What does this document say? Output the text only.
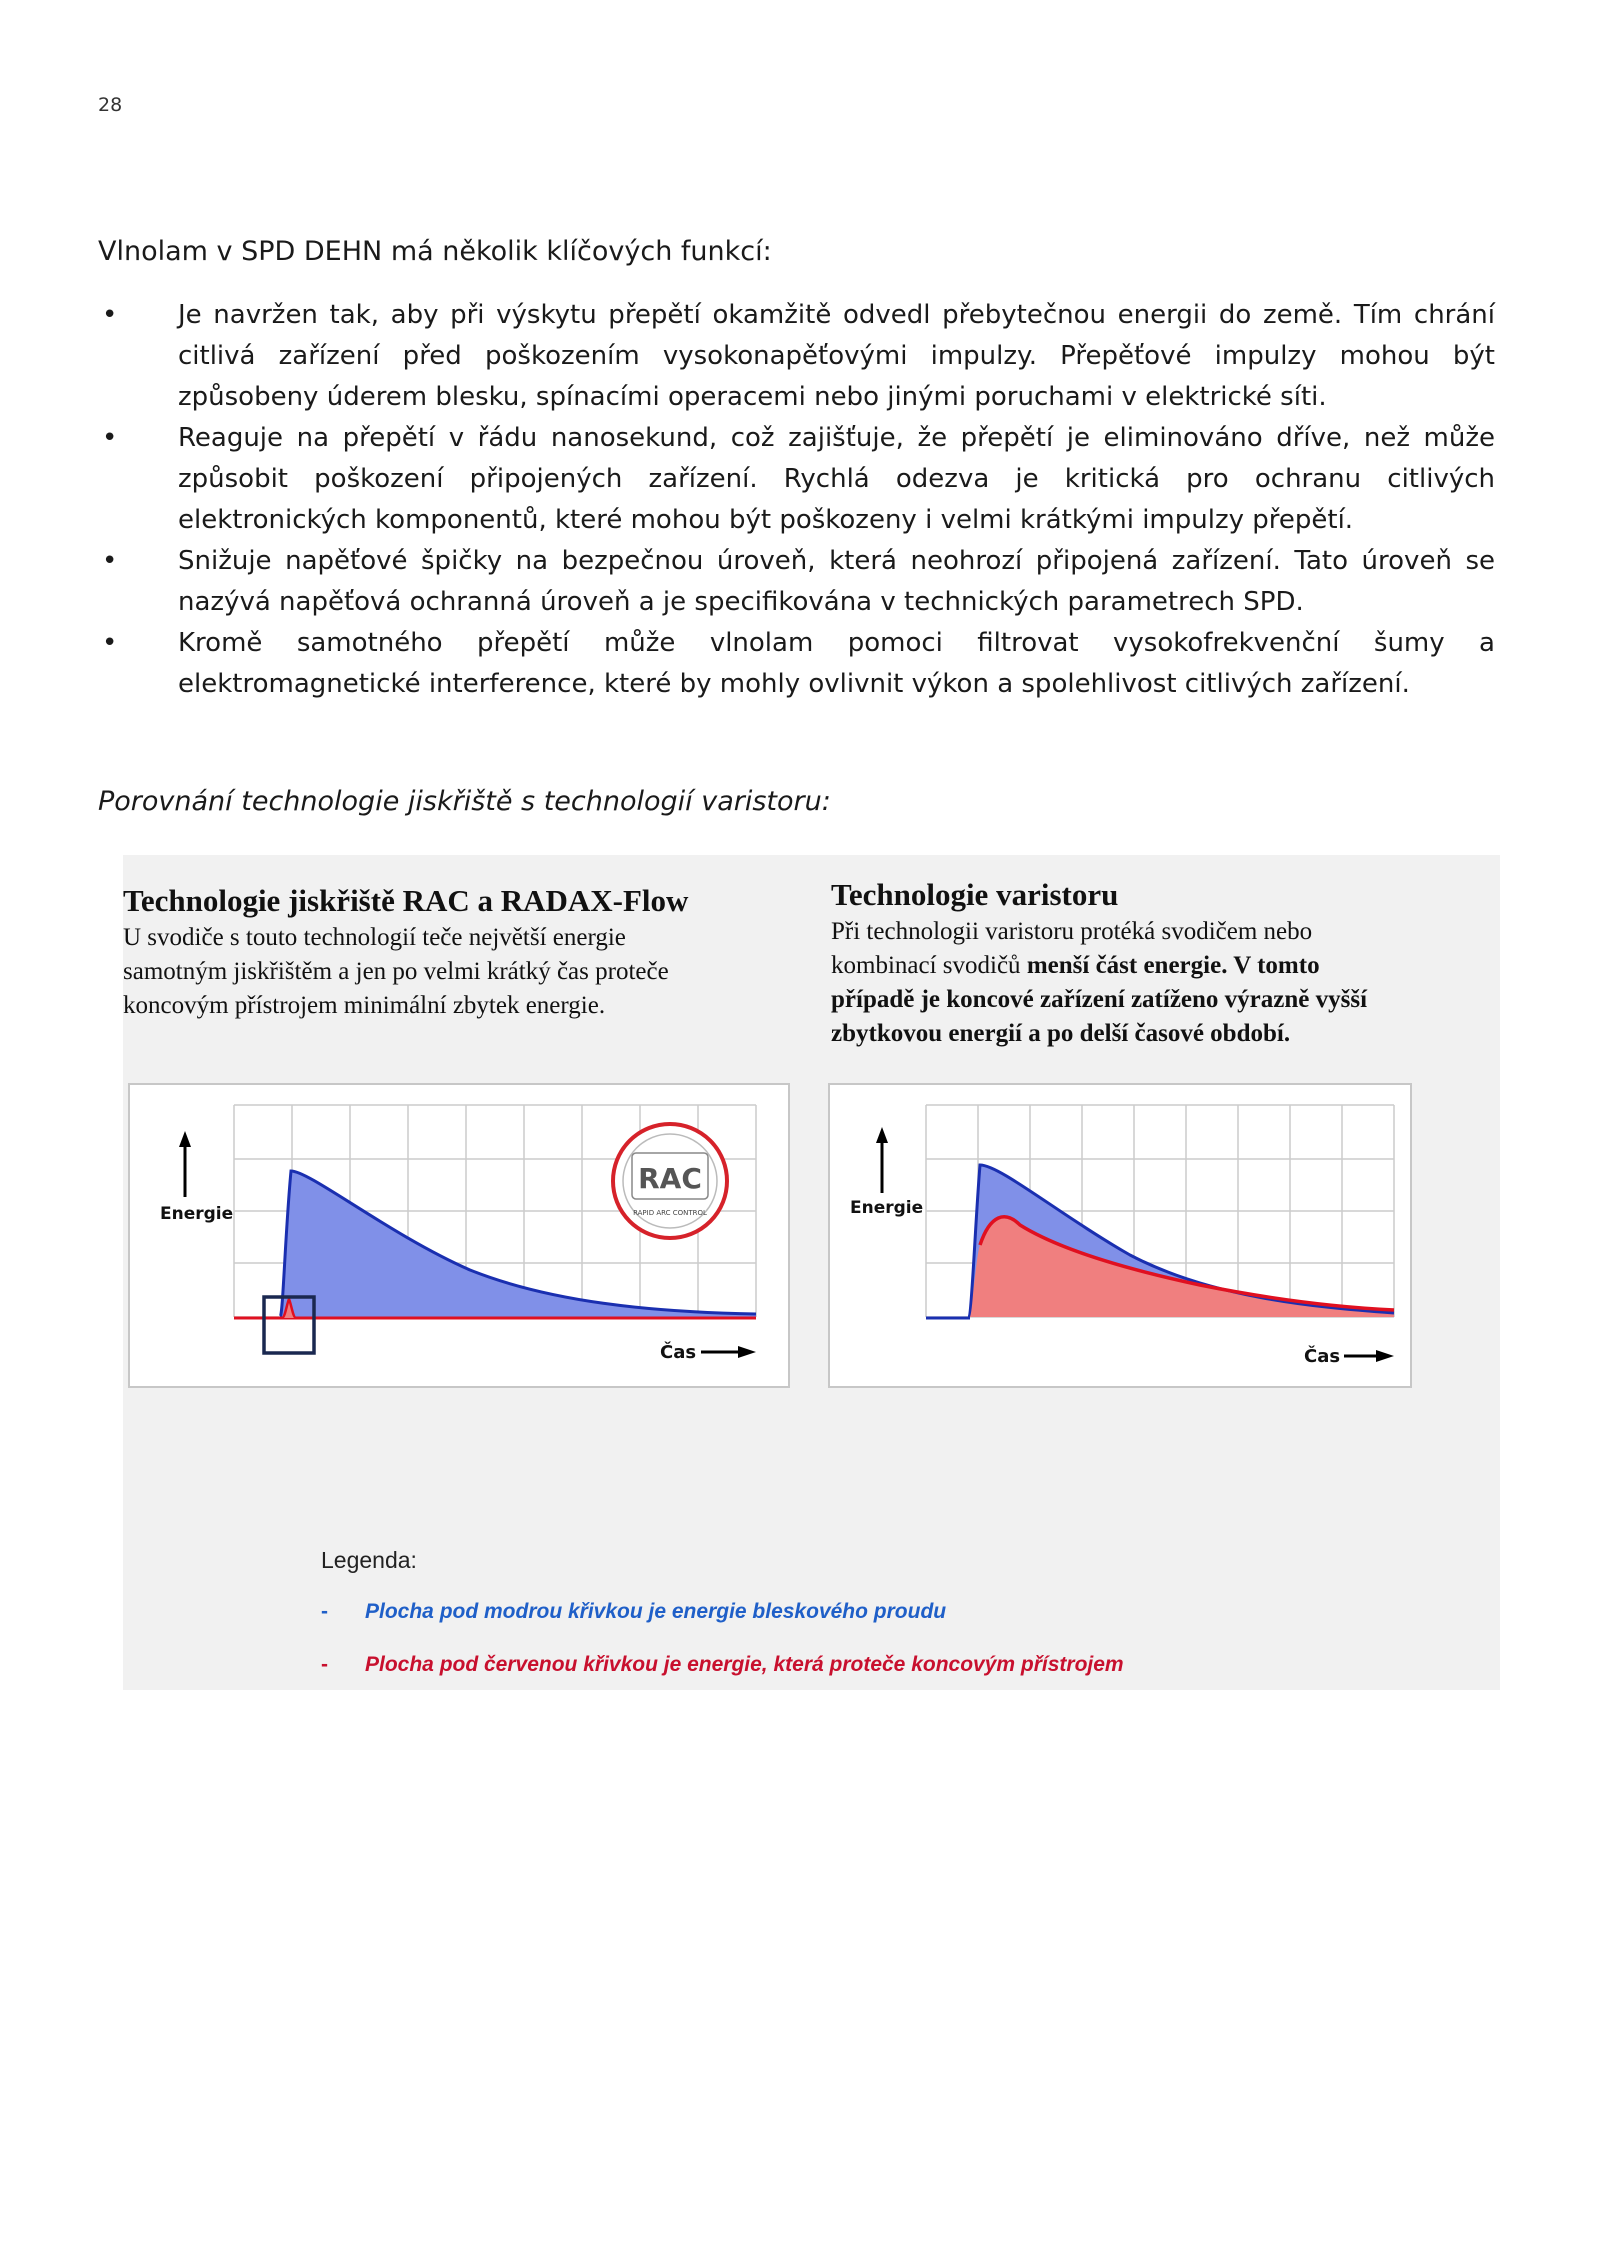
28
Vlnolam v SPD DEHN má několik klíčových funkcí:
• Je navržen tak, aby při výskytu přepětí okamžitě odvedl přebytečnou energii do země. Tím chrání citlivá zařízení před poškozením vysokonapěťovými impulzy. Přepěťové impulzy mohou být způsobeny úderem blesku, spínacími operacemi nebo jinými poruchami v elektrické síti.
• Reaguje na přepětí v řádu nanosekund, což zajišťuje, že přepětí je eliminováno dříve, než může způsobit poškození připojených zařízení. Rychlá odezva je kritická pro ochranu citlivých elektronických komponentů, které mohou být poškozeny i velmi krátkými impulzy přepětí.
• Snižuje napěťové špičky na bezpečnou úroveň, která neohrozí připojená zařízení. Tato úroveň se nazývá napěťová ochranná úroveň a je specifikována v technických parametrech SPD.
• Kromě samotného přepětí může vlnolam pomoci filtrovat vysokofrekvenční šumy a elektromagnetické interference, které by mohly ovlivnit výkon a spolehlivost citlivých zařízení.
Porovnání technologie jiskřiště s technologií varistoru:
Technologie jiskřiště RAC a RADAX-Flow
U svodiče s touto technologií teče největší energie
samotným jiskřištěm a jen po velmi krátký čas proteče
koncovým přístrojem minimální zbytek energie.
Technologie varistoru
Při technologii varistoru protéká svodičem nebo
kombinací svodičů menší část energie. V tomto
případě je koncové zařízení zatíženo výrazně vyšší
zbytkovou energií a po delší časové období.
Energie
RAC
RAPID ARC CONTROL
Čas
Energie
Čas
Legenda:
- Plocha pod modrou křivkou je energie bleskového proudu
- Plocha pod červenou křivkou je energie, která proteče koncovým přístrojem
